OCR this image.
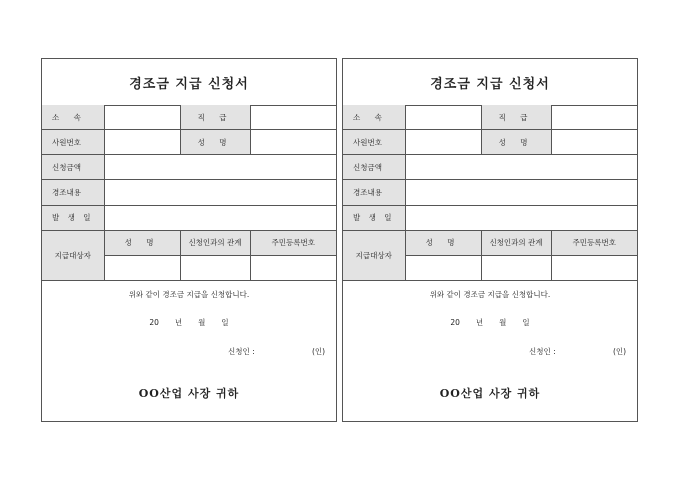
경조금 지급 신청서
소 속		직 급	
사원번호		성 명	
신청금액			
경조내용			
발 생 일			
지급대상자	성 명	신청인과의 관계	주민등록번호

위와 같이 경조금 지급을 신청합니다.
20 년 월 일
신청인 :	(인)
OO산업 사장 귀하
경조금 지급 신청서
소 속		직 급	
사원번호		성 명	
신청금액			
경조내용			
발 생 일			
지급대상자	성 명	신청인과의 관계	주민등록번호

위와 같이 경조금 지급을 신청합니다.
20 년 월 일
신청인 :	(인)
OO산업 사장 귀하
